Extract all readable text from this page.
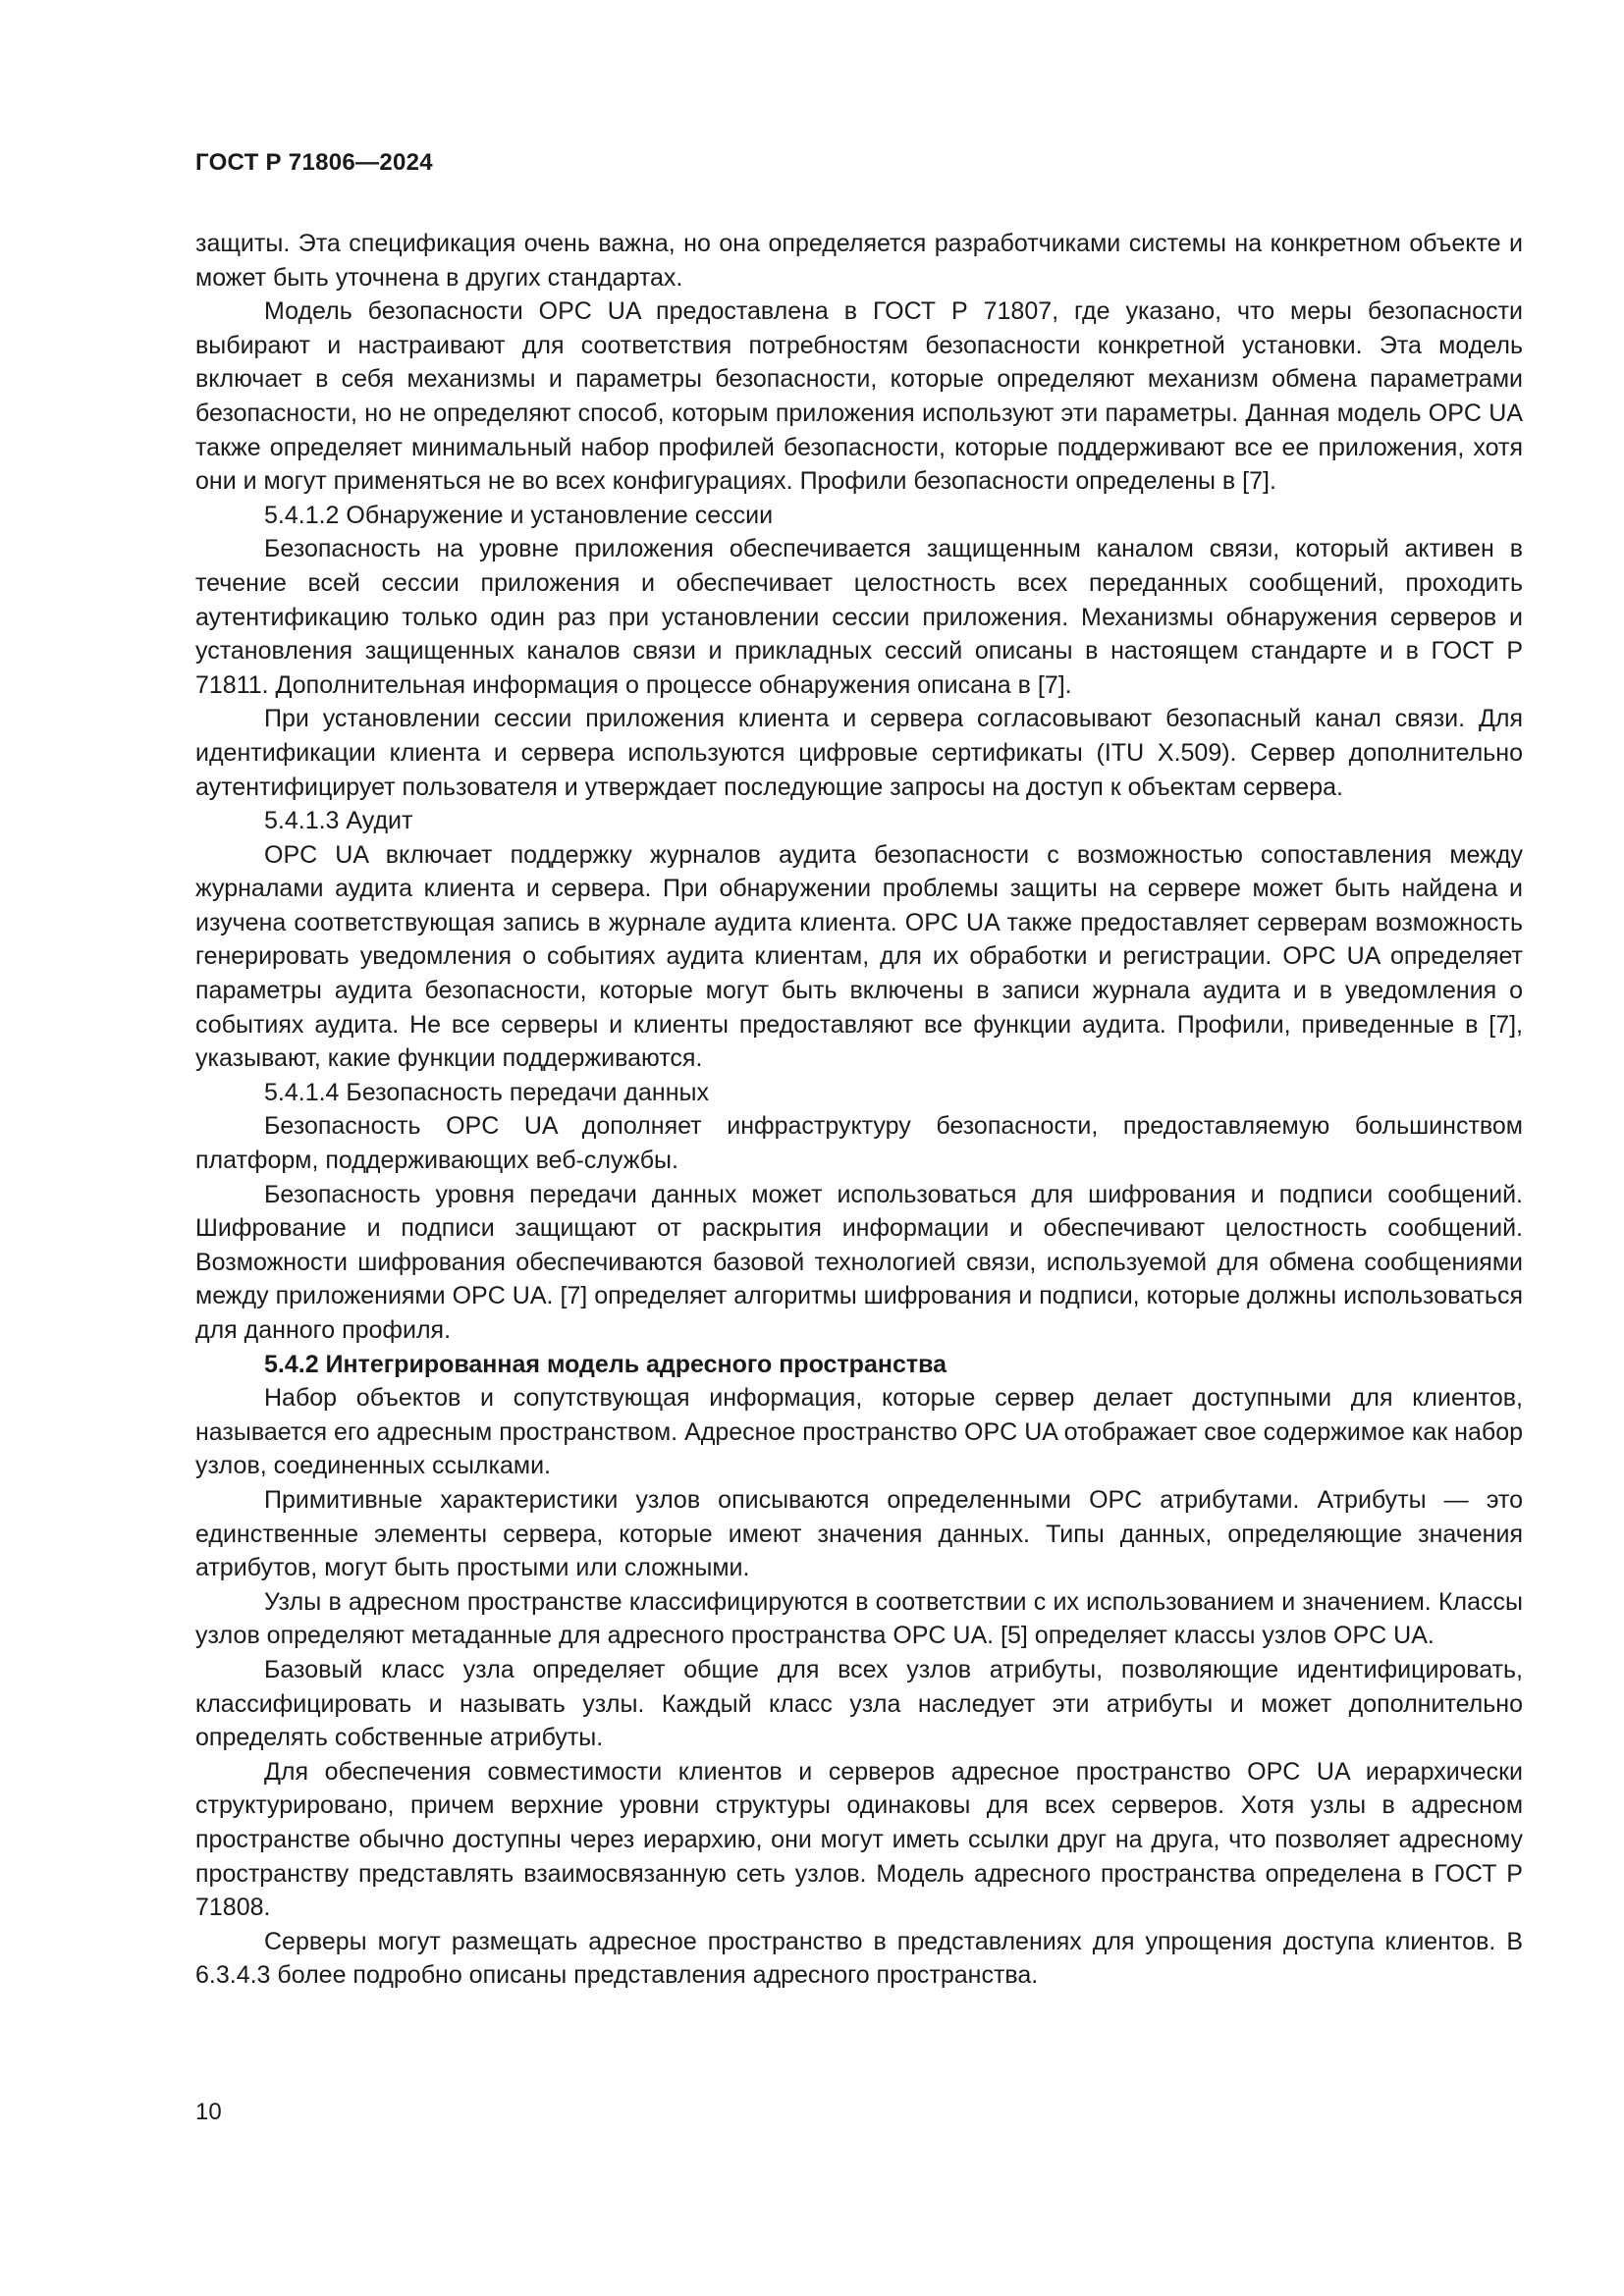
ГОСТ Р 71806—2024

защиты. Эта спецификация очень важна, но она определяется разработчиками системы на конкретном объекте и может быть уточнена в других стандартах.

Модель безопасности OPC UA предоставлена в ГОСТ Р 71807, где указано, что меры безопасности выбирают и настраивают для соответствия потребностям безопасности конкретной установки. Эта модель включает в себя механизмы и параметры безопасности, которые определяют механизм обмена параметрами безопасности, но не определяют способ, которым приложения используют эти параметры. Данная модель OPC UA также определяет минимальный набор профилей безопасности, которые поддерживают все ее приложения, хотя они и могут применяться не во всех конфигурациях. Профили безопасности определены в [7].

5.4.1.2 Обнаружение и установление сессии

Безопасность на уровне приложения обеспечивается защищенным каналом связи, который активен в течение всей сессии приложения и обеспечивает целостность всех переданных сообщений, проходить аутентификацию только один раз при установлении сессии приложения. Механизмы обнаружения серверов и установления защищенных каналов связи и прикладных сессий описаны в настоящем стандарте и в ГОСТ Р 71811. Дополнительная информация о процессе обнаружения описана в [7].

При установлении сессии приложения клиента и сервера согласовывают безопасный канал связи. Для идентификации клиента и сервера используются цифровые сертификаты (ITU X.509). Сервер дополнительно аутентифицирует пользователя и утверждает последующие запросы на доступ к объектам сервера.

5.4.1.3 Аудит

OPC UA включает поддержку журналов аудита безопасности с возможностью сопоставления между журналами аудита клиента и сервера. При обнаружении проблемы защиты на сервере может быть найдена и изучена соответствующая запись в журнале аудита клиента. OPC UA также предоставляет серверам возможность генерировать уведомления о событиях аудита клиентам, для их обработки и регистрации. OPC UA определяет параметры аудита безопасности, которые могут быть включены в записи журнала аудита и в уведомления о событиях аудита. Не все серверы и клиенты предоставляют все функции аудита. Профили, приведенные в [7], указывают, какие функции поддерживаются.

5.4.1.4 Безопасность передачи данных

Безопасность OPC UA дополняет инфраструктуру безопасности, предоставляемую большинством платформ, поддерживающих веб-службы.

Безопасность уровня передачи данных может использоваться для шифрования и подписи сообщений. Шифрование и подписи защищают от раскрытия информации и обеспечивают целостность сообщений. Возможности шифрования обеспечиваются базовой технологией связи, используемой для обмена сообщениями между приложениями OPC UA. [7] определяет алгоритмы шифрования и подписи, которые должны использоваться для данного профиля.

5.4.2 Интегрированная модель адресного пространства

Набор объектов и сопутствующая информация, которые сервер делает доступными для клиентов, называется его адресным пространством. Адресное пространство OPC UA отображает свое содержимое как набор узлов, соединенных ссылками.

Примитивные характеристики узлов описываются определенными OPC атрибутами. Атрибуты — это единственные элементы сервера, которые имеют значения данных. Типы данных, определяющие значения атрибутов, могут быть простыми или сложными.

Узлы в адресном пространстве классифицируются в соответствии с их использованием и значением. Классы узлов определяют метаданные для адресного пространства OPC UA. [5] определяет классы узлов OPC UA.

Базовый класс узла определяет общие для всех узлов атрибуты, позволяющие идентифицировать, классифицировать и называть узлы. Каждый класс узла наследует эти атрибуты и может дополнительно определять собственные атрибуты.

Для обеспечения совместимости клиентов и серверов адресное пространство OPC UA иерархически структурировано, причем верхние уровни структуры одинаковы для всех серверов. Хотя узлы в адресном пространстве обычно доступны через иерархию, они могут иметь ссылки друг на друга, что позволяет адресному пространству представлять взаимосвязанную сеть узлов. Модель адресного пространства определена в ГОСТ Р 71808.

Серверы могут размещать адресное пространство в представлениях для упрощения доступа клиентов. В 6.3.4.3 более подробно описаны представления адресного пространства.

10
